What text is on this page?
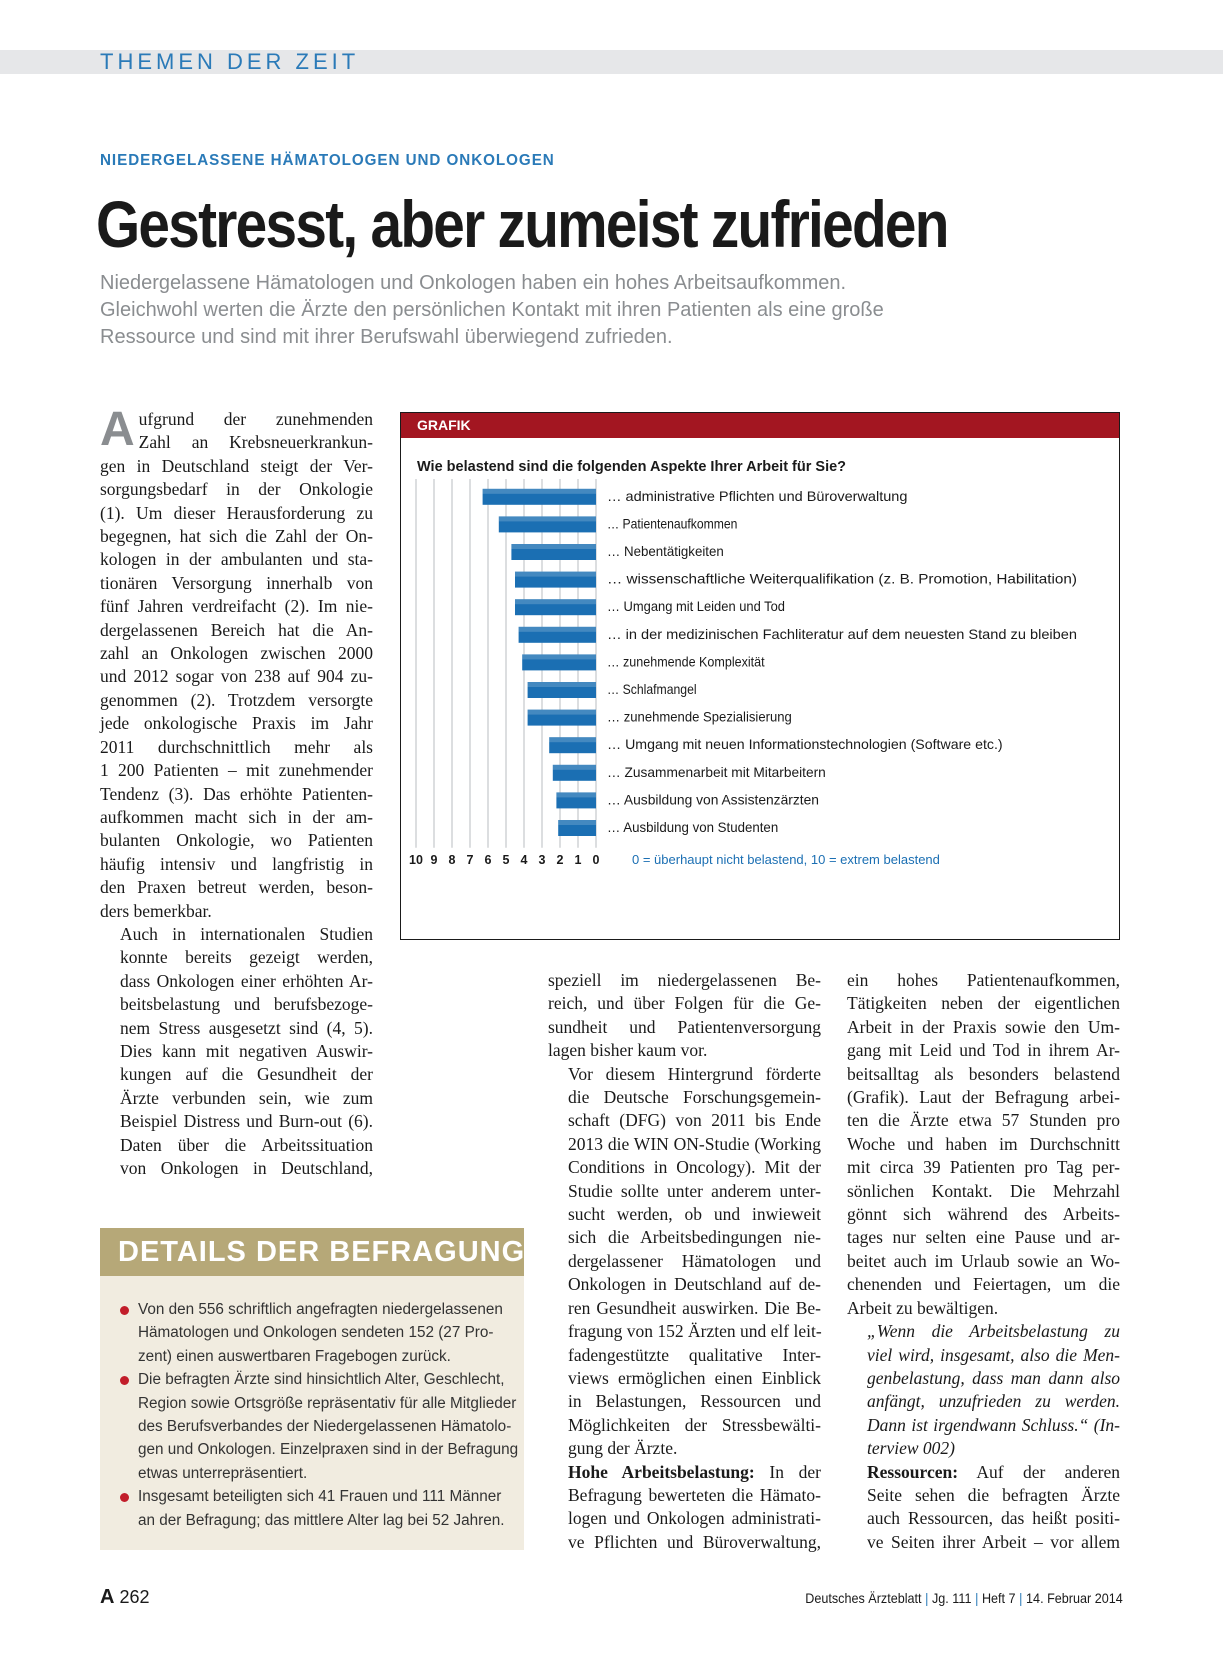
THEMEN DER ZEIT
NIEDERGELASSENE HÄMATOLOGEN UND ONKOLOGEN
Gestresst, aber zumeist zufrieden
Niedergelassene Hämatologen und Onkologen haben ein hohes Arbeitsaufkommen.
Gleichwohl werten die Ärzte den persönlichen Kontakt mit ihren Patienten als eine große
Ressource und sind mit ihrer Berufswahl überwiegend zufrieden.

A ufgrund der zunehmenden
Zahl an Krebsneuerkrankun-
gen in Deutschland steigt der Ver-
sorgungsbedarf in der Onkologie
(1). Um dieser Herausforderung zu
begegnen, hat sich die Zahl der On-
kologen in der ambulanten und sta-
tionären Versorgung innerhalb von
fünf Jahren verdreifacht (2). Im nie-
dergelassenen Bereich hat die An-
zahl an Onkologen zwischen 2000
und 2012 sogar von 238 auf 904 zu-
genommen (2). Trotzdem versorgte
jede onkologische Praxis im Jahr
2011 durchschnittlich mehr als
1 200 Patienten – mit zunehmender
Tendenz (3). Das erhöhte Patienten-
aufkommen macht sich in der am-
bulanten Onkologie, wo Patienten
häufig intensiv und langfristig in
den Praxen betreut werden, beson-
ders bemerkbar.

Auch in internationalen Studien
konnte bereits gezeigt werden,
dass Onkologen einer erhöhten Ar-
beitsbelastung und berufsbezoge-
nem Stress ausgesetzt sind (4, 5).
Dies kann mit negativen Auswir-
kungen auf die Gesundheit der
Ärzte verbunden sein, wie zum
Beispiel Distress und Burn-out (6).
Daten über die Arbeitssituation
von Onkologen in Deutschland,

speziell im niedergelassenen Be-
reich, und über Folgen für die Ge-
sundheit und Patientenversorgung
lagen bisher kaum vor.

Vor diesem Hintergrund förderte
die Deutsche Forschungsgemein-
schaft (DFG) von 2011 bis Ende
2013 die WIN ON-Studie (Working
Conditions in Oncology). Mit der
Studie sollte unter anderem unter-
sucht werden, ob und inwieweit
sich die Arbeitsbedingungen nie-
dergelassener Hämatologen und
Onkologen in Deutschland auf de-
ren Gesundheit auswirken. Die Be-
fragung von 152 Ärzten und elf leit-
fadengestützte qualitative Inter-
views ermöglichen einen Einblick
in Belastungen, Ressourcen und
Möglichkeiten der Stressbewälti-
gung der Ärzte.

Hohe Arbeitsbelastung: In der
Befragung bewerteten die Hämato-
logen und Onkologen administrati-
ve Pflichten und Büroverwaltung,

ein hohes Patientenaufkommen,
Tätigkeiten neben der eigentlichen
Arbeit in der Praxis sowie den Um-
gang mit Leid und Tod in ihrem Ar-
beitsalltag als besonders belastend
(Grafik). Laut der Befragung arbei-
ten die Ärzte etwa 57 Stunden pro
Woche und haben im Durchschnitt
mit circa 39 Patienten pro Tag per-
sönlichen Kontakt. Die Mehrzahl
gönnt sich während des Arbeits-
tages nur selten eine Pause und ar-
beitet auch im Urlaub sowie an Wo-
chenenden und Feiertagen, um die
Arbeit zu bewältigen.

„Wenn die Arbeitsbelastung zu
viel wird, insgesamt, also die Men-
genbelastung, dass man dann also
anfängt, unzufrieden zu werden.
Dann ist irgendwann Schluss.“ (In-
terview 002)

Ressourcen: Auf der anderen
Seite sehen die befragten Ärzte
auch Ressourcen, das heißt positi-
ve Seiten ihrer Arbeit – vor allem

GRAFIK
Wie belastend sind die folgenden Aspekte Ihrer Arbeit für Sie?
10 9 8 7 6 5 4 3 2 1 0
… administrative Pflichten und Büroverwaltung
… Patientenaufkommen
… Nebentätigkeiten
… wissenschaftliche Weiterqualifikation (z. B. Promotion, Habilitation)
… Umgang mit Leiden und Tod
… in der medizinischen Fachliteratur auf dem neuesten Stand zu bleiben
… zunehmende Komplexität
… Schlafmangel
… zunehmende Spezialisierung
… Umgang mit neuen Informationstechnologien (Software etc.)
… Zusammenarbeit mit Mitarbeitern
… Ausbildung von Assistenzärzten
… Ausbildung von Studenten
0 = überhaupt nicht belastend, 10 = extrem belastend
DETAILS DER BEFRAGUNG
Von den 556 schriftlich angefragten niedergelassenen
Hämatologen und Onkologen sendeten 152 (27 Pro-
zent) einen auswertbaren Fragebogen zurück.
Die befragten Ärzte sind hinsichtlich Alter, Geschlecht,
Region sowie Ortsgröße repräsentativ für alle Mitglieder
des Berufsverbandes der Niedergelassenen Hämatolo-
gen und Onkologen. Einzelpraxen sind in der Befragung
etwas unterrepräsentiert.
Insgesamt beteiligten sich 41 Frauen und 111 Männer
an der Befragung; das mittlere Alter lag bei 52 Jahren.
A 262	Deutsches Ärzteblatt | Jg. 111 | Heft 7 | 14. Februar 2014
